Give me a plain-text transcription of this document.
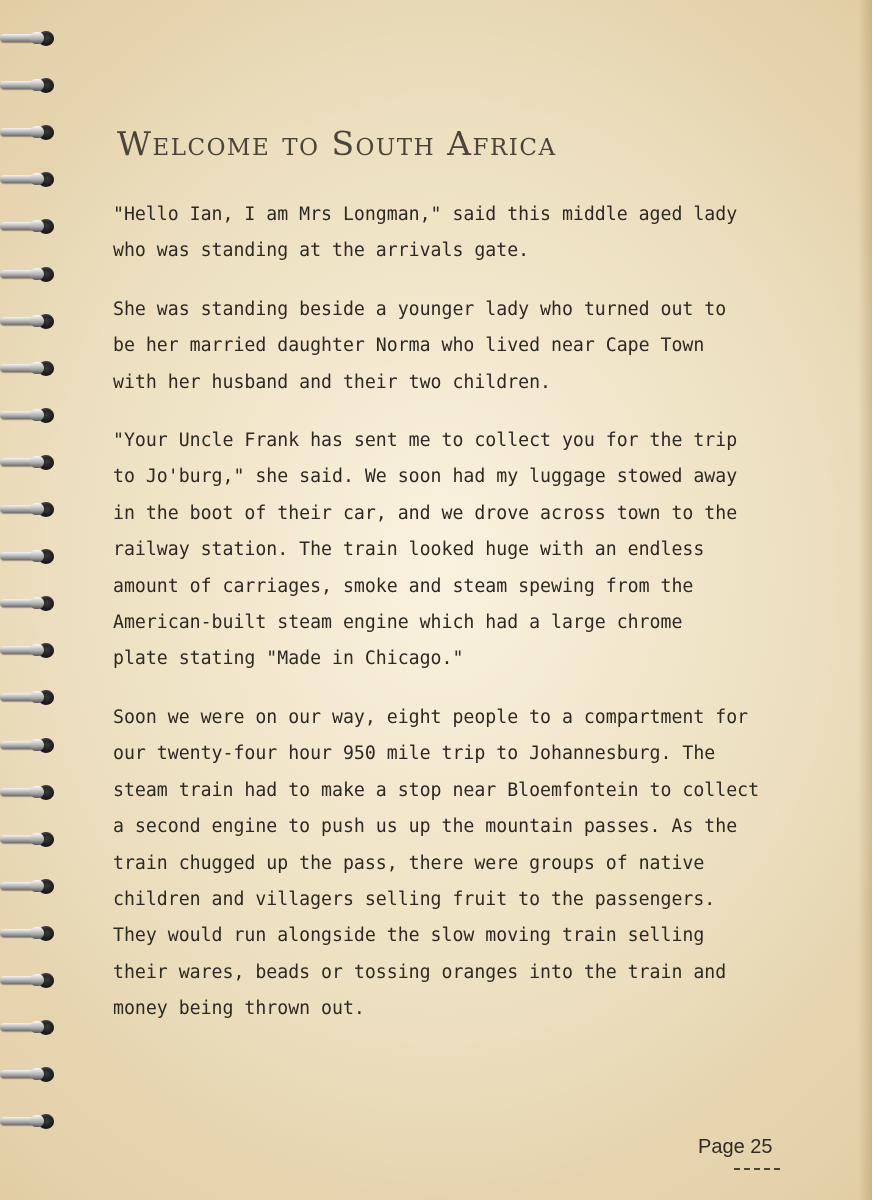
Welcome to South Africa

"Hello Ian, I am Mrs Longman," said this middle aged lady
who was standing at the arrivals gate.

She was standing beside a younger lady who turned out to
be her married daughter Norma who lived near Cape Town
with her husband and their two children.

"Your Uncle Frank has sent me to collect you for the trip
to Jo'burg," she said. We soon had my luggage stowed away
in the boot of their car, and we drove across town to the
railway station. The train looked huge with an endless
amount of carriages, smoke and steam spewing from the
American-built steam engine which had a large chrome
plate stating "Made in Chicago."

Soon we were on our way, eight people to a compartment for
our twenty-four hour 950 mile trip to Johannesburg. The
steam train had to make a stop near Bloemfontein to collect
a second engine to push us up the mountain passes. As the
train chugged up the pass, there were groups of native
children and villagers selling fruit to the passengers.
They would run alongside the slow moving train selling
their wares, beads or tossing oranges into the train and
money being thrown out.

Page 25
